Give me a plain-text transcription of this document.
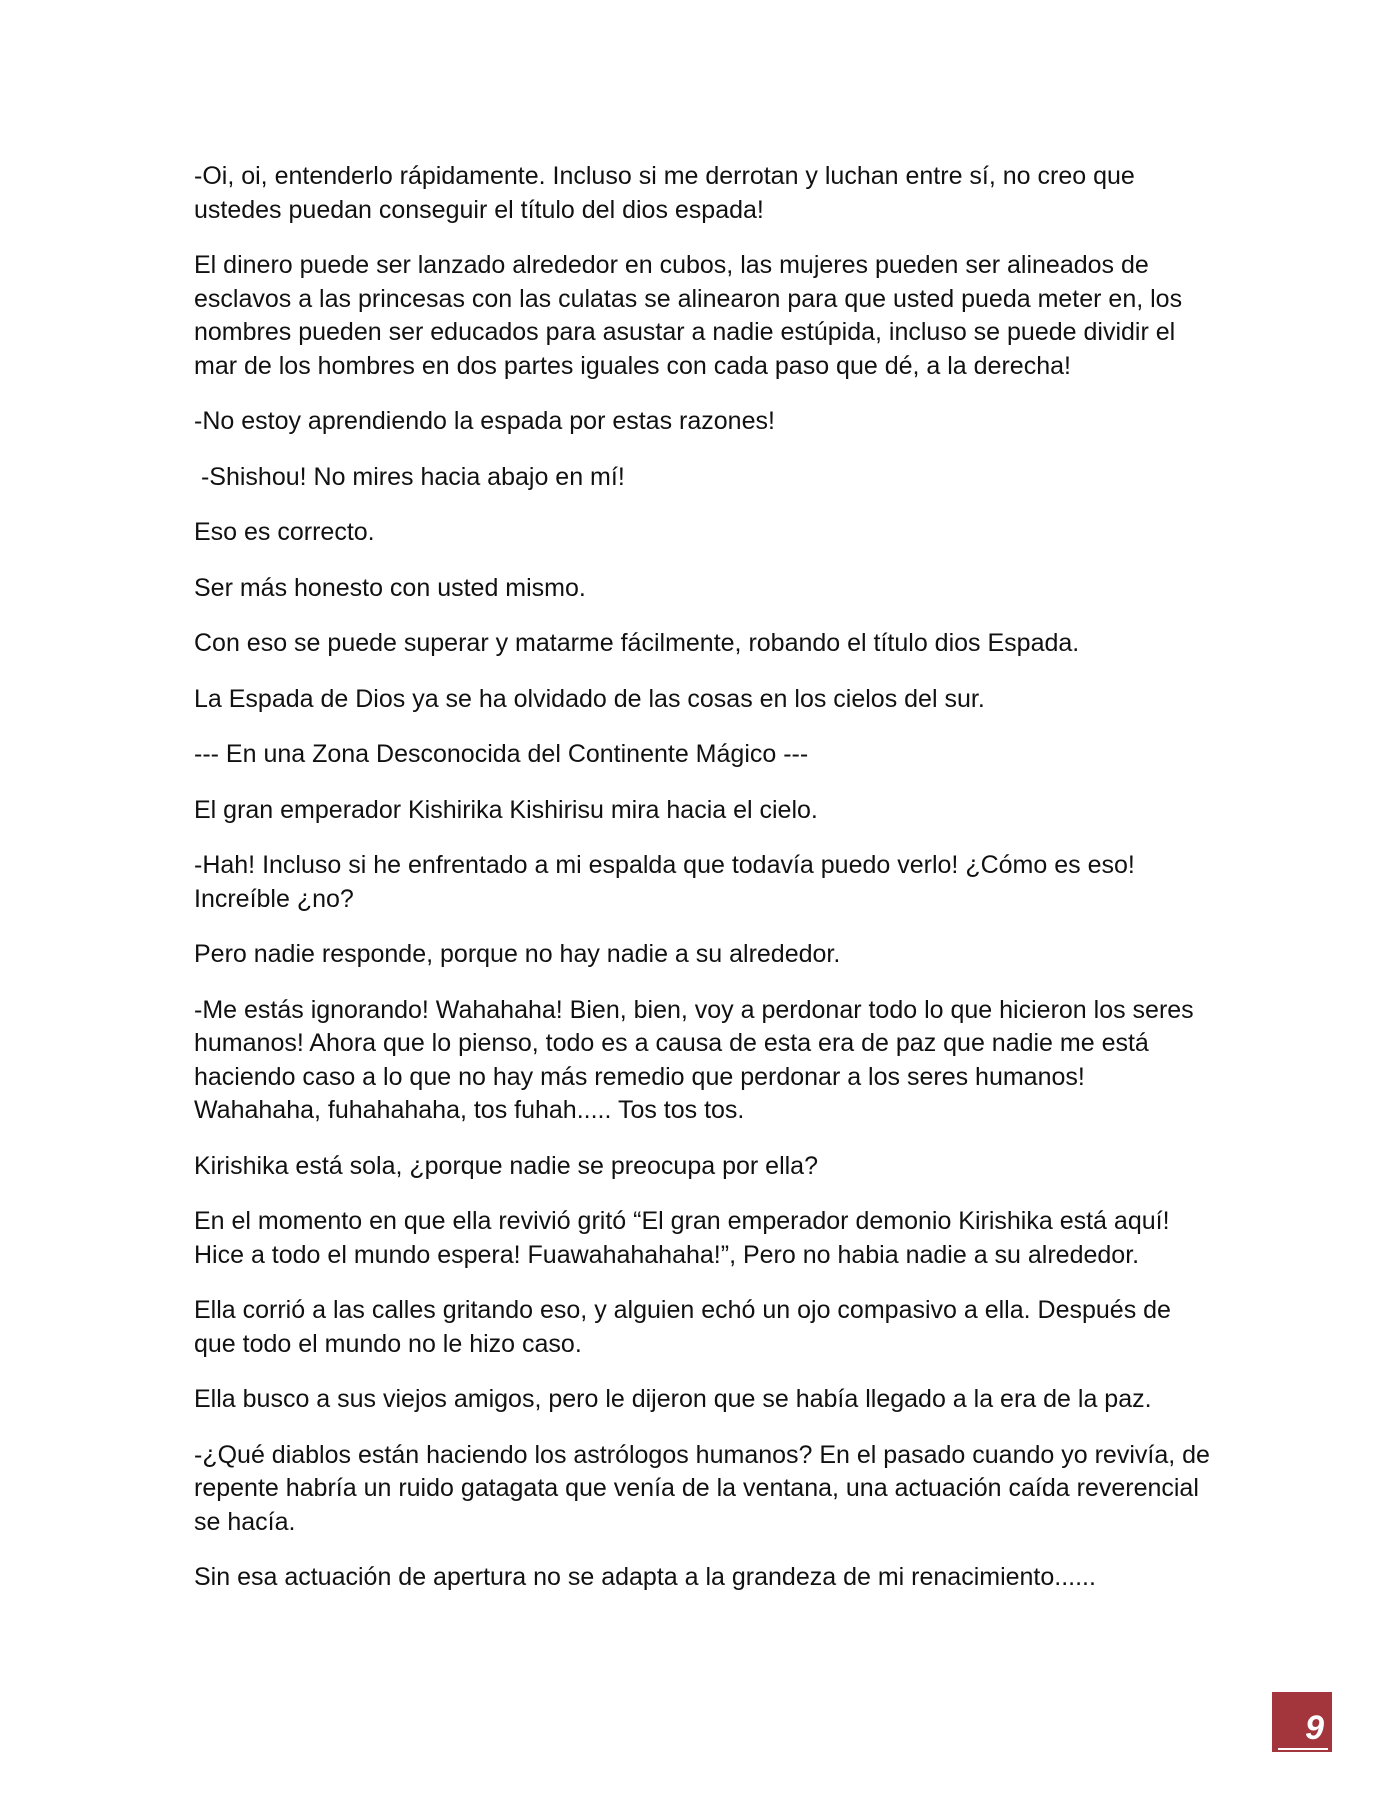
-Oi, oi, entenderlo rápidamente. Incluso si me derrotan y luchan entre sí, no creo que ustedes puedan conseguir el título del dios espada!

El dinero puede ser lanzado alrededor en cubos, las mujeres pueden ser alineados de esclavos a las princesas con las culatas se alinearon para que usted pueda meter en, los nombres pueden ser educados para asustar a nadie estúpida, incluso se puede dividir el mar de los hombres en dos partes iguales con cada paso que dé, a la derecha!

-No estoy aprendiendo la espada por estas razones!

-Shishou! No mires hacia abajo en mí!

Eso es correcto.

Ser más honesto con usted mismo.

Con eso se puede superar y matarme fácilmente, robando el título dios Espada.

La Espada de Dios ya se ha olvidado de las cosas en los cielos del sur.

--- En una Zona Desconocida del Continente Mágico ---

El gran emperador Kishirika Kishirisu mira hacia el cielo.

-Hah! Incluso si he enfrentado a mi espalda que todavía puedo verlo! ¿Cómo es eso! Increíble ¿no?

Pero nadie responde, porque no hay nadie a su alrededor.

-Me estás ignorando! Wahahaha! Bien, bien, voy a perdonar todo lo que hicieron los seres humanos! Ahora que lo pienso, todo es a causa de esta era de paz que nadie me está haciendo caso a lo que no hay más remedio que perdonar a los seres humanos! Wahahaha, fuhahahaha, tos fuhah..... Tos tos tos.

Kirishika está sola, ¿porque nadie se preocupa por ella?

En el momento en que ella revivió gritó “El gran emperador demonio Kirishika está aquí! Hice a todo el mundo espera! Fuawahahahaha!”, Pero no habia nadie a su alrededor.

Ella corrió a las calles gritando eso, y alguien echó un ojo compasivo a ella. Después de que todo el mundo no le hizo caso.

Ella busco a sus viejos amigos, pero le dijeron que se había llegado a la era de la paz.

-¿Qué diablos están haciendo los astrólogos humanos? En el pasado cuando yo revivía, de repente habría un ruido gatagata que venía de la ventana, una actuación caída reverencial se hacía.

Sin esa actuación de apertura no se adapta a la grandeza de mi renacimiento......

9
